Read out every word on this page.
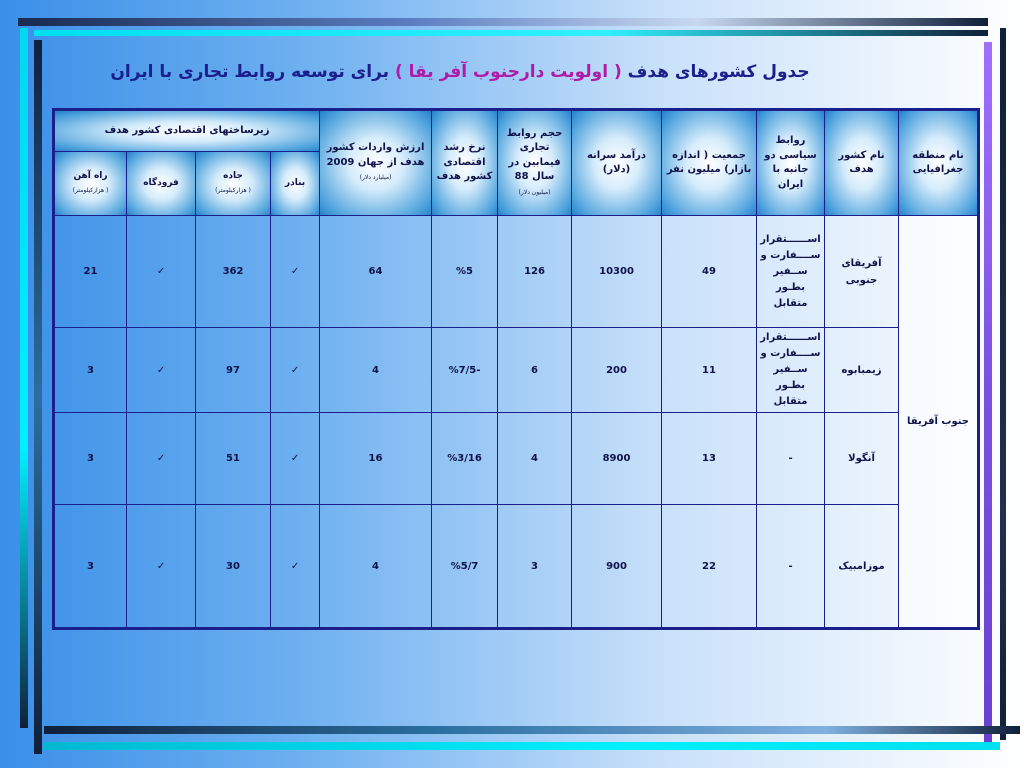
جدول کشورهای هدف ( اولویت دارجنوب آفر یقا ) برای توسعه روابط تجاری با ایران
نام منطقه جغرافیایی	نام کشور هدف	روابط سیاسی دو جانبه با ایران	جمعیت ( اندازه بازار) میلیون نفر	درآمد سرانه (دلار)	حجم روابط تجاری فیمابین در سال 88
(میلیون دلار)	نرخ رشد اقتصادی کشور هدف	ارزش واردات کشور هدف از جهان 2009 (میلیارد دلار)	زیرساختهای اقتصادی کشور هدف			
								بنادر	جاده
( هزارکیلومتر)	فرودگاه	راه آهن
( هزارکیلومتر)
جنوب آفریقا	آفریقای جنوبی	اســــــتقرار ســــفارت و ســفیر بطـور متقابل	49	10300	126	%5	64	✓	362	✓	21
	زیمبابوه	اســــــتقرار ســــفارت و ســفیر بطـور متقابل	11	200	6	-%7/5	4	✓	97	✓	3
	آنگولا	-	13	8900	4	%3/16	16	✓	51	✓	3
	موزامبیک	-	22	900	3	%5/7	4	✓	30	✓	3
